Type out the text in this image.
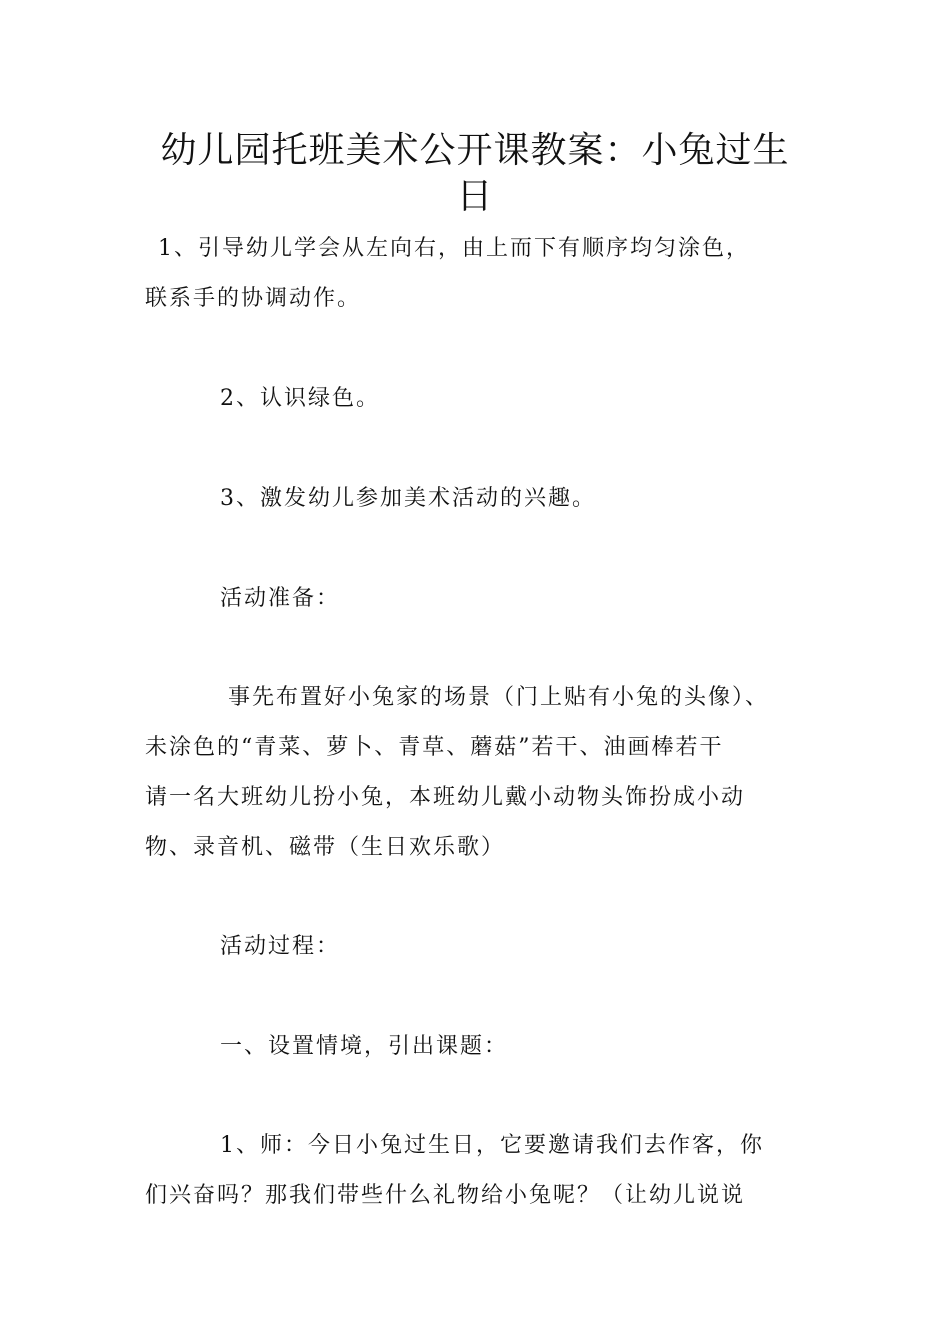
幼儿园托班美术公开课教案：小兔过生
日
1、引导幼儿学会从左向右，由上而下有顺序均匀涂色，
联系手的协调动作。
2、认识绿色。
3、激发幼儿参加美术活动的兴趣。
活动准备：
事先布置好小兔家的场景（门上贴有小兔的头像）、
未涂色的“青菜、萝卜、青草、蘑菇”若干、油画棒若干
请一名大班幼儿扮小兔，本班幼儿戴小动物头饰扮成小动
物、录音机、磁带（生日欢乐歌）
活动过程：
一、设置情境，引出课题：
1、师：今日小兔过生日，它要邀请我们去作客，你
们兴奋吗？那我们带些什么礼物给小兔呢？（让幼儿说说
